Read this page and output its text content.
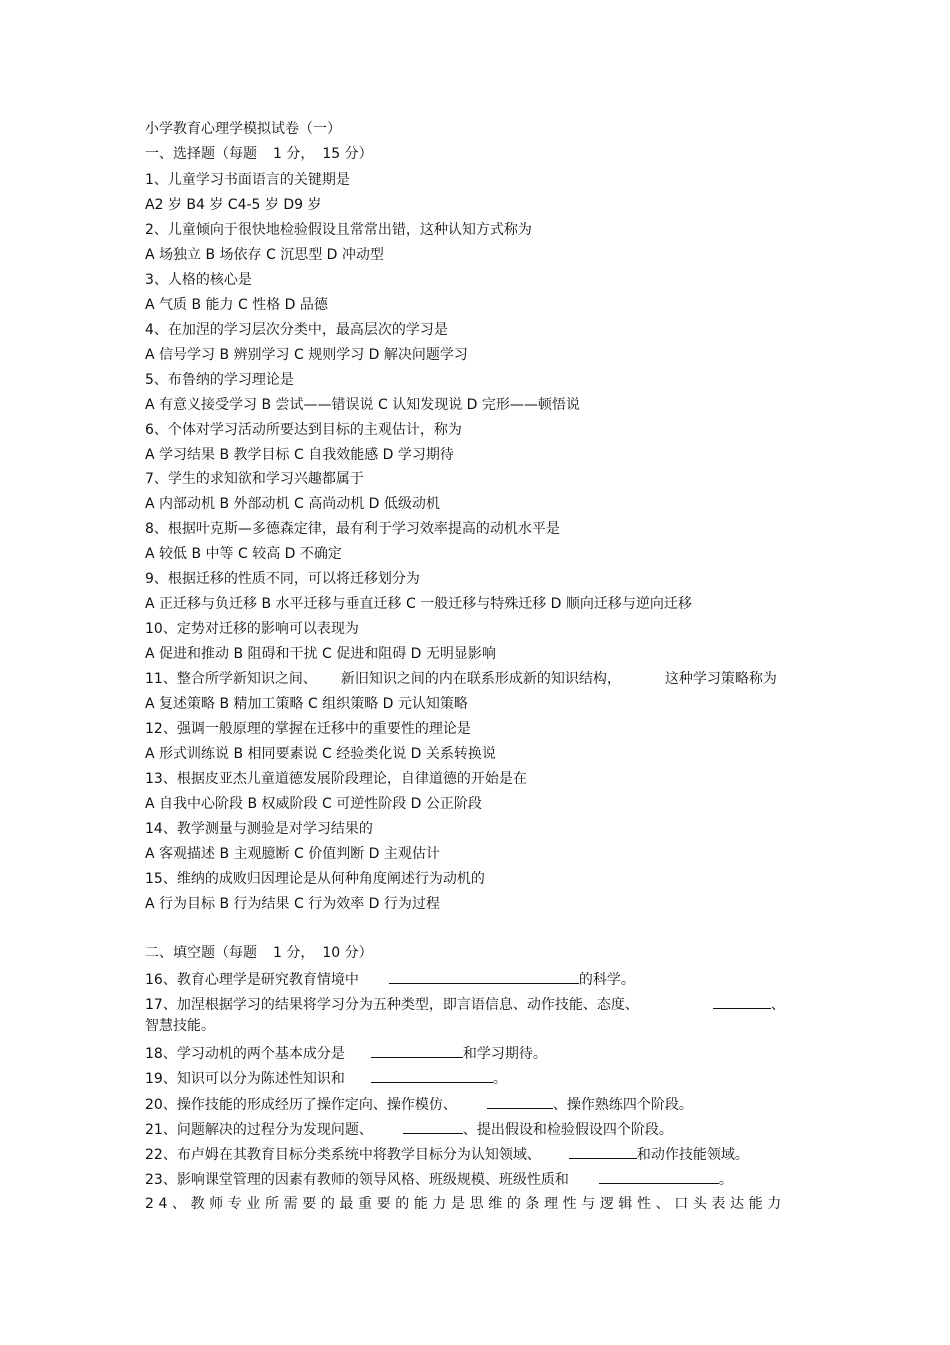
小学教育心理学模拟试卷（一）
一、选择题（每题 1 分， 15 分）
1、儿童学习书面语言的关键期是
A2 岁 B4 岁 C4-5 岁 D9 岁
2、儿童倾向于很快地检验假设且常常出错，这种认知方式称为
A 场独立 B 场依存 C 沉思型 D 冲动型
3、人格的核心是
A 气质 B 能力 C 性格 D 品德
4、在加涅的学习层次分类中，最高层次的学习是
A 信号学习 B 辨别学习 C 规则学习 D 解决问题学习
5、布鲁纳的学习理论是
A 有意义接受学习 B 尝试——错误说 C 认知发现说 D 完形——顿悟说
6、个体对学习活动所要达到目标的主观估计，称为
A 学习结果 B 教学目标 C 自我效能感 D 学习期待
7、学生的求知欲和学习兴趣都属于
A 内部动机 B 外部动机 C 高尚动机 D 低级动机
8、根据叶克斯—多德森定律，最有利于学习效率提高的动机水平是
A 较低 B 中等 C 较高 D 不确定
9、根据迁移的性质不同，可以将迁移划分为
A 正迁移与负迁移 B 水平迁移与垂直迁移 C 一般迁移与特殊迁移 D 顺向迁移与逆向迁移
10、定势对迁移的影响可以表现为
A 促进和推动 B 阻碍和干扰 C 促进和阻碍 D 无明显影响
11、整合所学新知识之间、 新旧知识之间的内在联系形成新的知识结构，	这种学习策略称为
A 复述策略 B 精加工策略 C 组织策略 D 元认知策略
12、强调一般原理的掌握在迁移中的重要性的理论是
A 形式训练说 B 相同要素说 C 经验类化说 D 关系转换说
13、根据皮亚杰儿童道德发展阶段理论，自律道德的开始是在
A 自我中心阶段 B 权威阶段 C 可逆性阶段 D 公正阶段
14、教学测量与测验是对学习结果的
A 客观描述 B 主观臆断 C 价值判断 D 主观估计
15、维纳的成败归因理论是从何种角度阐述行为动机的
A 行为目标 B 行为结果 C 行为效率 D 行为过程
二、填空题（每题 1 分， 10 分）
16、教育心理学是研究教育情境中	的科学。
17、加涅根据学习的结果将学习分为五种类型，即言语信息、动作技能、态度、	、
智慧技能。
18、学习动机的两个基本成分是	和学习期待。
19、知识可以分为陈述性知识和	。
20、操作技能的形成经历了操作定向、操作模仿、	、操作熟练四个阶段。
21、问题解决的过程分为发现问题、	、提出假设和检验假设四个阶段。
22、布卢姆在其教育目标分类系统中将教学目标分为认知领域、	和动作技能领域。
23、影响课堂管理的因素有教师的领导风格、班级规模、班级性质和	。
24、教师专业所需要的最重要的能力是思维的条理性与逻辑性、口头表达能力
